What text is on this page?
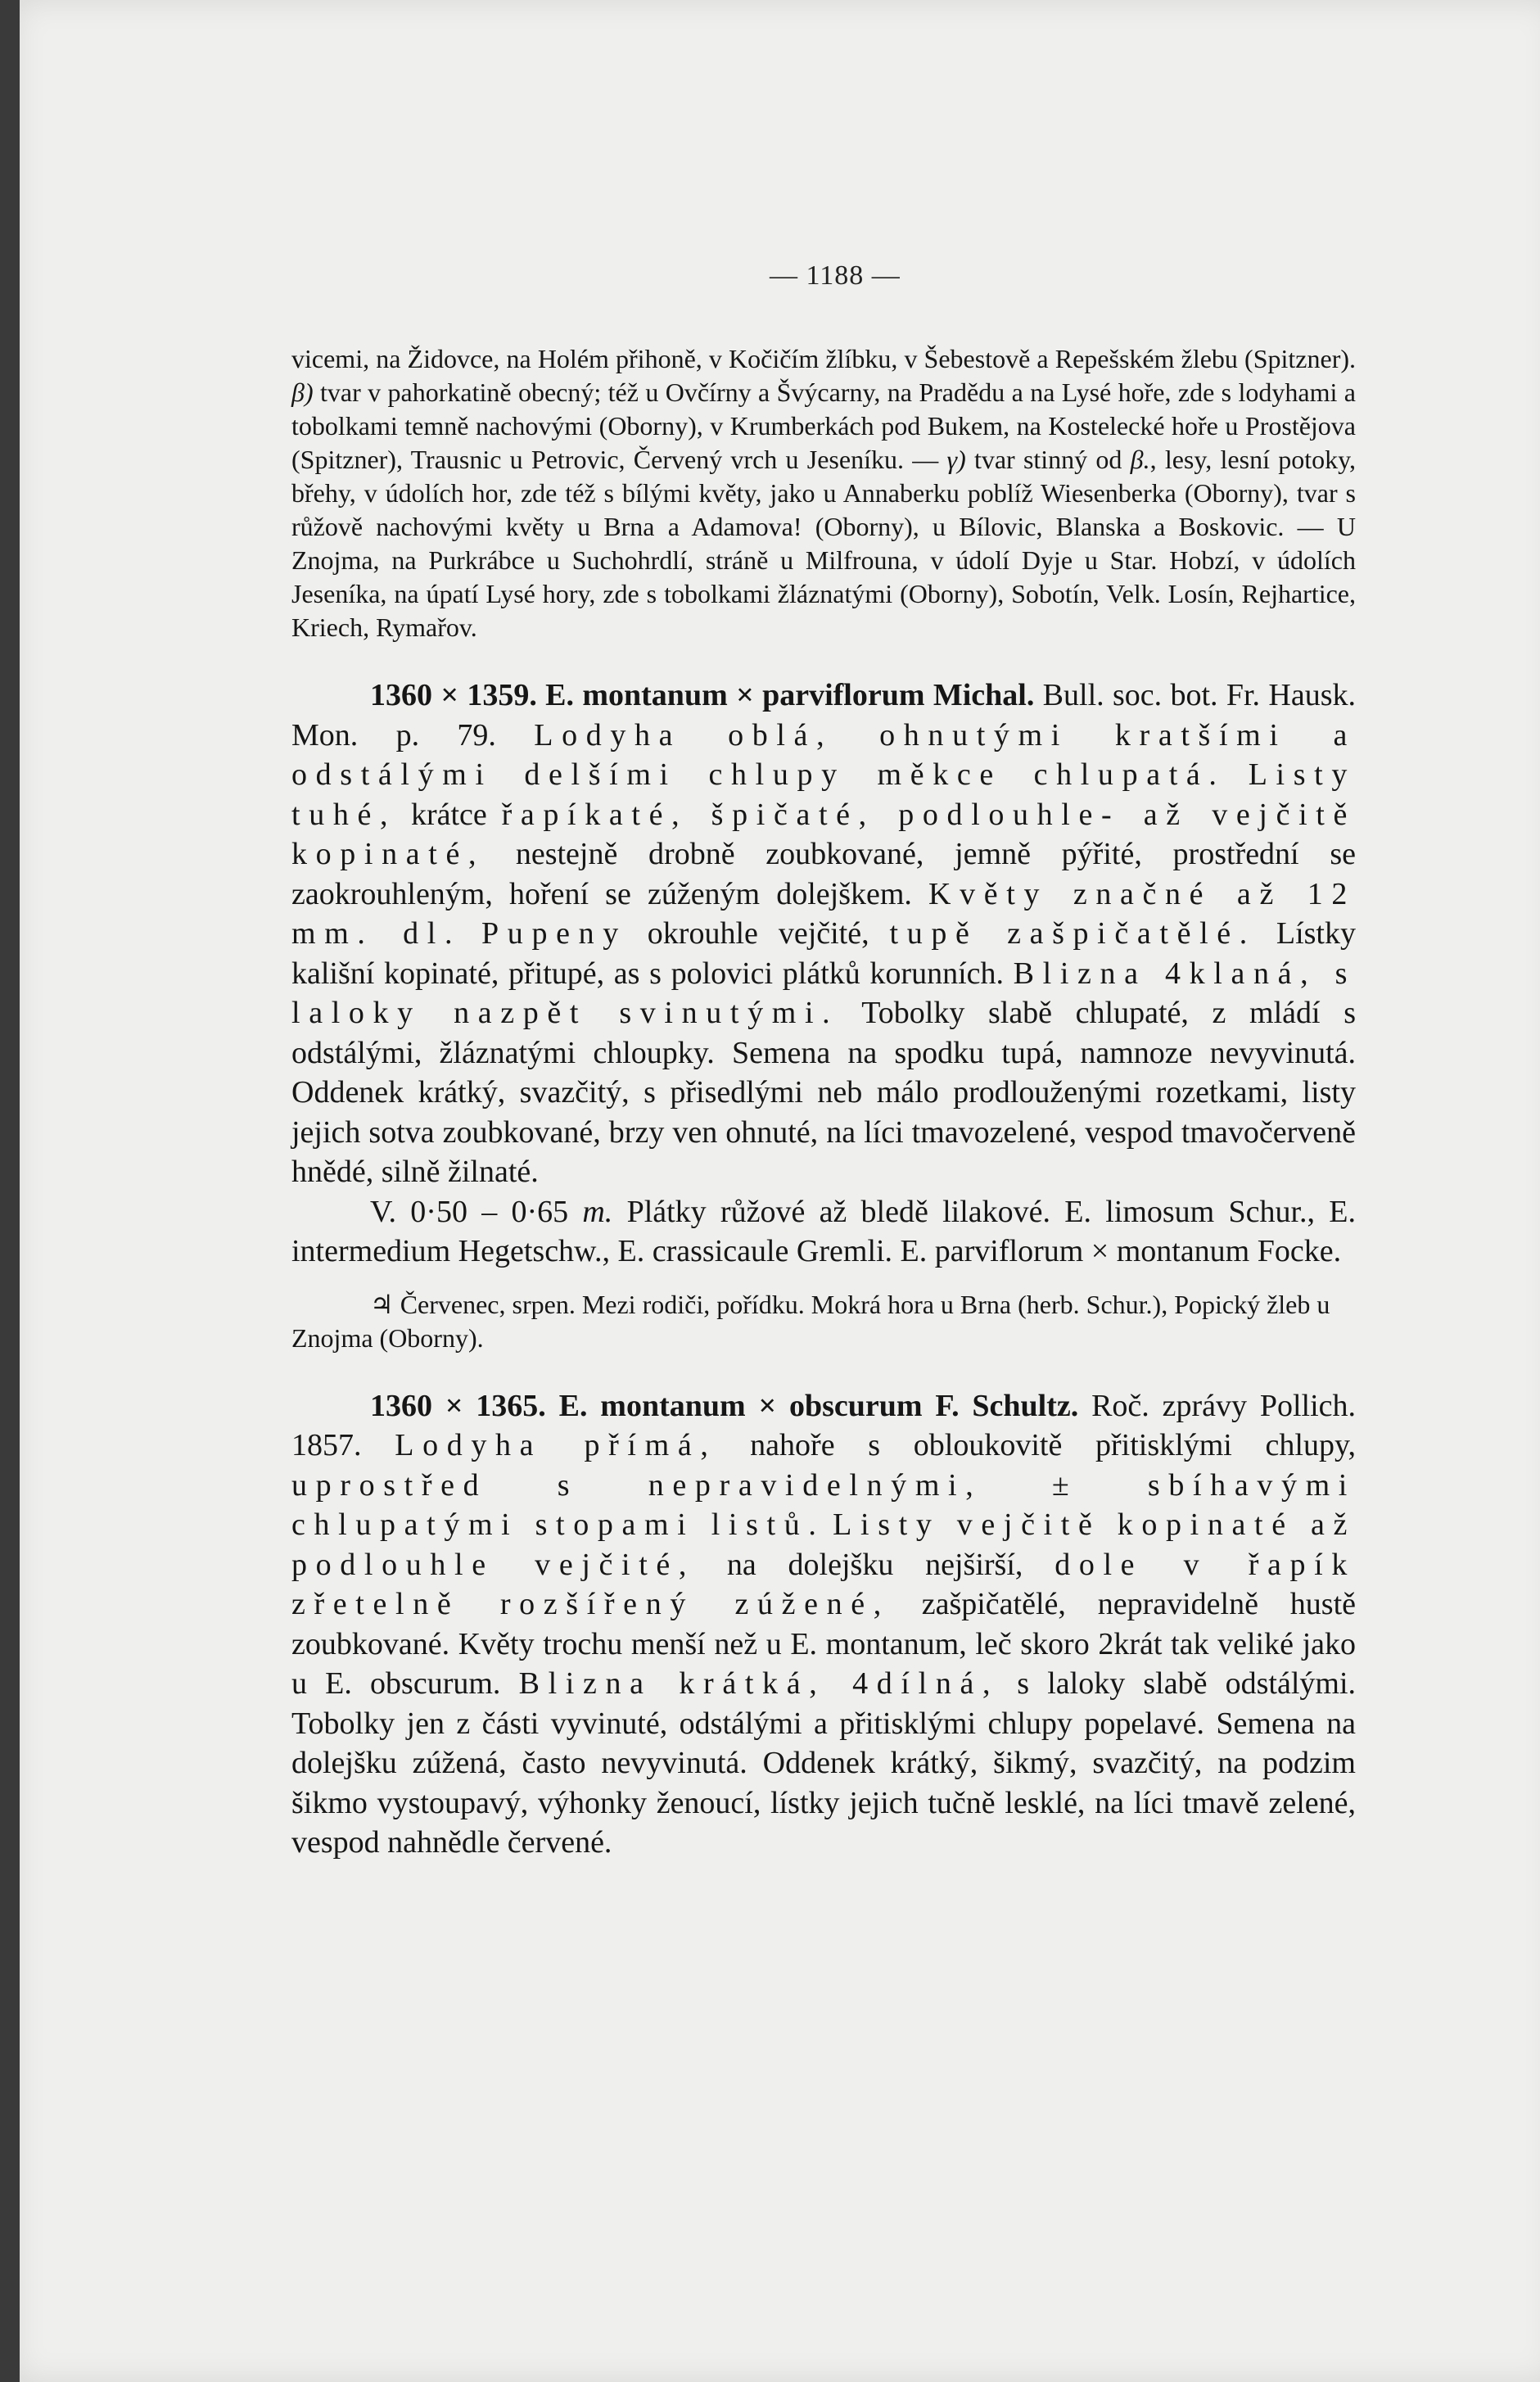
— 1188 —

vicemi, na Židovce, na Holém přihoně, v Kočičím žlíbku, v Šebestově a Repešském žlebu (Spitzner). β) tvar v pahorkatině obecný; též u Ovčírny a Švýcarny, na Pradědu a na Lysé hoře, zde s lodyhami a tobolkami temně nachovými (Oborny), v Krumberkách pod Bukem, na Kostelecké hoře u Prostějova (Spitzner), Trausnic u Petrovic, Červený vrch u Jeseníku. — γ) tvar stinný od β., lesy, lesní potoky, břehy, v údolích hor, zde též s bílými květy, jako u Annaberku poblíž Wiesenberka (Oborny), tvar s růžově nachovými květy u Brna a Adamova! (Oborny), u Bílovic, Blanska a Boskovic. — U Znojma, na Purkrábce u Suchohrdlí, stráně u Milfrouna, v údolí Dyje u Star. Hobzí, v údolích Jeseníka, na úpatí Lysé hory, zde s tobolkami žláznatými (Oborny), Sobotín, Velk. Losín, Rejhartice, Kriech, Rymařov.

1360 × 1359. E. montanum × parviflorum Michal. Bull. soc. bot. Fr. Hausk. Mon. p. 79. Lodyha oblá, ohnutými kratšími a odstálými delšími chlupy měkce chlupatá. Listy tuhé, krátce řapíkaté, špičaté, podlouhle- až vejčitě kopinaté, nestejně drobně zoubkované, jemně pýřité, prostřední se zaokrouhleným, hoření se zúženým dolejškem. Květy značné až 12 mm. dl. Pupeny okrouhle vejčité, tupě zašpičatělé. Lístky kališní kopinaté, přitupé, as s polovici plátků korunních. Blizna 4klaná, s laloky nazpět svinutými. Tobolky slabě chlupaté, z mládí s odstálými, žláznatými chloupky. Semena na spodku tupá, namnoze nevyvinutá. Oddenek krátký, svazčitý, s přisedlými neb málo prodlouženými rozetkami, listy jejich sotva zoubkované, brzy ven ohnuté, na líci tmavozelené, vespod tmavočerveně hnědé, silně žilnaté.

V. 0·50 – 0·65 m. Plátky růžové až bledě lilakové. E. limosum Schur., E. intermedium Hegetschw., E. crassicaule Gremli. E. parviflorum × montanum Focke.

♃ Červenec, srpen. Mezi rodiči, pořídku. Mokrá hora u Brna (herb. Schur.), Popický žleb u Znojma (Oborny).

1360 × 1365. E. montanum × obscurum F. Schultz. Roč. zprávy Pollich. 1857. Lodyha přímá, nahoře s obloukovitě přitisklými chlupy, uprostřed s nepravidelnými, ± sbíhavými chlupatými stopami listů. Listy vejčitě kopinaté až podlouhle vejčité, na dolejšku nejširší, dole v řapík zřetelně rozšířený zúžené, zašpičatělé, nepravidelně hustě zoubkované. Květy trochu menší než u E. montanum, leč skoro 2krát tak veliké jako u E. obscurum. Blizna krátká, 4dílná, s laloky slabě odstálými. Tobolky jen z části vyvinuté, odstálými a přitisklými chlupy popelavé. Semena na dolejšku zúžená, často nevyvinutá. Oddenek krátký, šikmý, svazčitý, na podzim šikmo vystoupavý, výhonky ženoucí, lístky jejich tučně lesklé, na líci tmavě zelené, vespod nahnědle červené.
